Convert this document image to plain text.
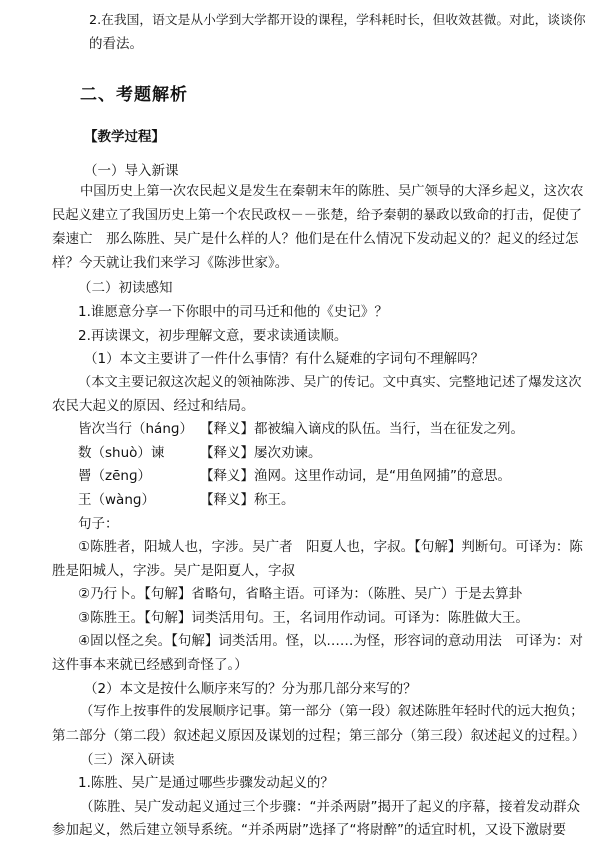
2.在我国，语文是从小学到大学都开设的课程，学科耗时长，但收效甚微。对此，谈谈你
的看法。
二、考题解析
【教学过程】
（一）导入新课
中国历史上第一次农民起义是发生在秦朝末年的陈胜、吴广领导的大泽乡起义，这次农
民起义建立了我国历史上第一个农民政权－－张楚，给予秦朝的暴政以致命的打击，促使了
秦速亡　那么陈胜、吴广是什么样的人？他们是在什么情况下发动起义的？起义的经过怎
样？今天就让我们来学习《陈涉世家》。
（二）初读感知
1.谁愿意分享一下你眼中的司马迁和他的《史记》？
2.再读课文，初步理解文意，要求读通读顺。
（1）本文主要讲了一件什么事情？有什么疑难的字词句不理解吗？
（本文主要记叙这次起义的领袖陈涉、吴广的传记。文中真实、完整地记述了爆发这次
农民大起义的原因、经过和结局。
皆次当行（hánɡ） 【释义】都被编入谪戍的队伍。当行，当在征发之列。
数（shuò）谏	【释义】屡次劝谏。
罾（zēnɡ）	【释义】渔网。这里作动词，是“用鱼网捕”的意思。
王（wànɡ）	【释义】称王。
句子：
①陈胜者，阳城人也，字涉。吴广者　阳夏人也，字叔。【句解】判断句。可译为：陈
胜是阳城人，字涉。吴广是阳夏人，字叔
②乃行卜。【句解】省略句，省略主语。可译为：（陈胜、吴广）于是去算卦
③陈胜王。【句解】词类活用句。王，名词用作动词。可译为：陈胜做大王。
④固以怪之矣。【句解】词类活用。怪，以……为怪，形容词的意动用法　可译为：对
这件事本来就已经感到奇怪了。）
（2）本文是按什么顺序来写的？分为那几部分来写的？
（写作上按事件的发展顺序记事。第一部分（第一段）叙述陈胜年轻时代的远大抱负；
第二部分（第二段）叙述起义原因及谋划的过程；第三部分（第三段）叙述起义的过程。）
（三）深入研读
1.陈胜、吴广是通过哪些步骤发动起义的？
（陈胜、吴广发动起义通过三个步骤：“并杀两尉”揭开了起义的序幕，接着发动群众
参加起义，然后建立领导系统。“并杀两尉”选择了“将尉醉”的适宜时机，又设下激尉要
